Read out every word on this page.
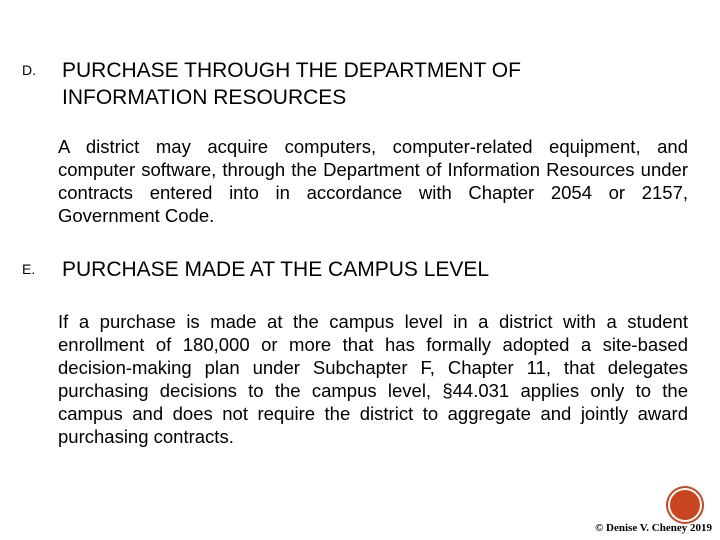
D. PURCHASE THROUGH THE DEPARTMENT OF
INFORMATION RESOURCES

A district may acquire computers, computer-related equipment, and computer software, through the Department of Information Resources under contracts entered into in accordance with Chapter 2054 or 2157, Government Code.

E. PURCHASE MADE AT THE CAMPUS LEVEL

If a purchase is made at the campus level in a district with a student enrollment of 180,000 or more that has formally adopted a site-based decision-making plan under Subchapter F, Chapter 11, that delegates purchasing decisions to the campus level, §44.031 applies only to the campus and does not require the district to aggregate and jointly award purchasing contracts.

© Denise V. Cheney 2019
